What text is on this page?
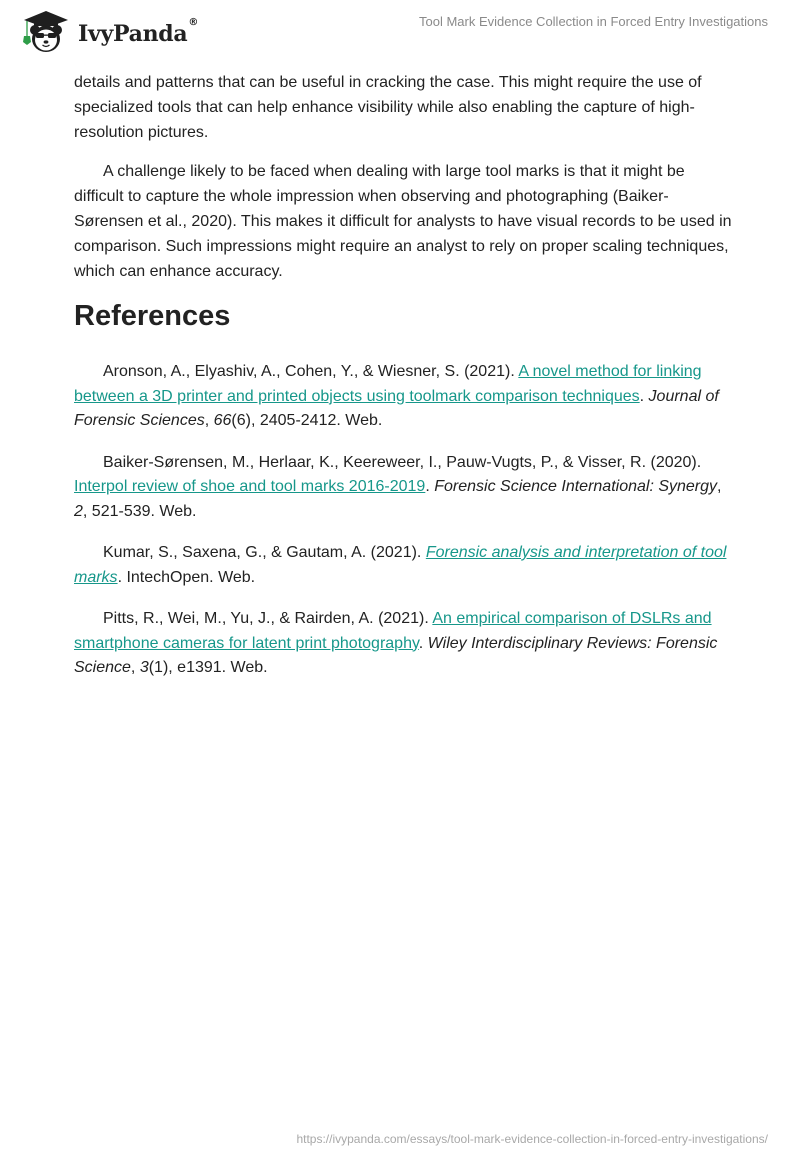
IvyPanda®	Tool Mark Evidence Collection in Forced Entry Investigations

details and patterns that can be useful in cracking the case. This might require the use of specialized tools that can help enhance visibility while also enabling the capture of high-resolution pictures.

A challenge likely to be faced when dealing with large tool marks is that it might be difficult to capture the whole impression when observing and photographing (Baiker-Sørensen et al., 2020). This makes it difficult for analysts to have visual records to be used in comparison. Such impressions might require an analyst to rely on proper scaling techniques, which can enhance accuracy.

References

Aronson, A., Elyashiv, A., Cohen, Y., & Wiesner, S. (2021). A novel method for linking between a 3D printer and printed objects using toolmark comparison techniques. Journal of Forensic Sciences, 66(6), 2405-2412. Web.

Baiker-Sørensen, M., Herlaar, K., Keereweer, I., Pauw-Vugts, P., & Visser, R. (2020). Interpol review of shoe and tool marks 2016-2019. Forensic Science International: Synergy, 2, 521-539. Web.

Kumar, S., Saxena, G., & Gautam, A. (2021). Forensic analysis and interpretation of tool marks. IntechOpen. Web.

Pitts, R., Wei, M., Yu, J., & Rairden, A. (2021). An empirical comparison of DSLRs and smartphone cameras for latent print photography. Wiley Interdisciplinary Reviews: Forensic Science, 3(1), e1391. Web.

https://ivypanda.com/essays/tool-mark-evidence-collection-in-forced-entry-investigations/
